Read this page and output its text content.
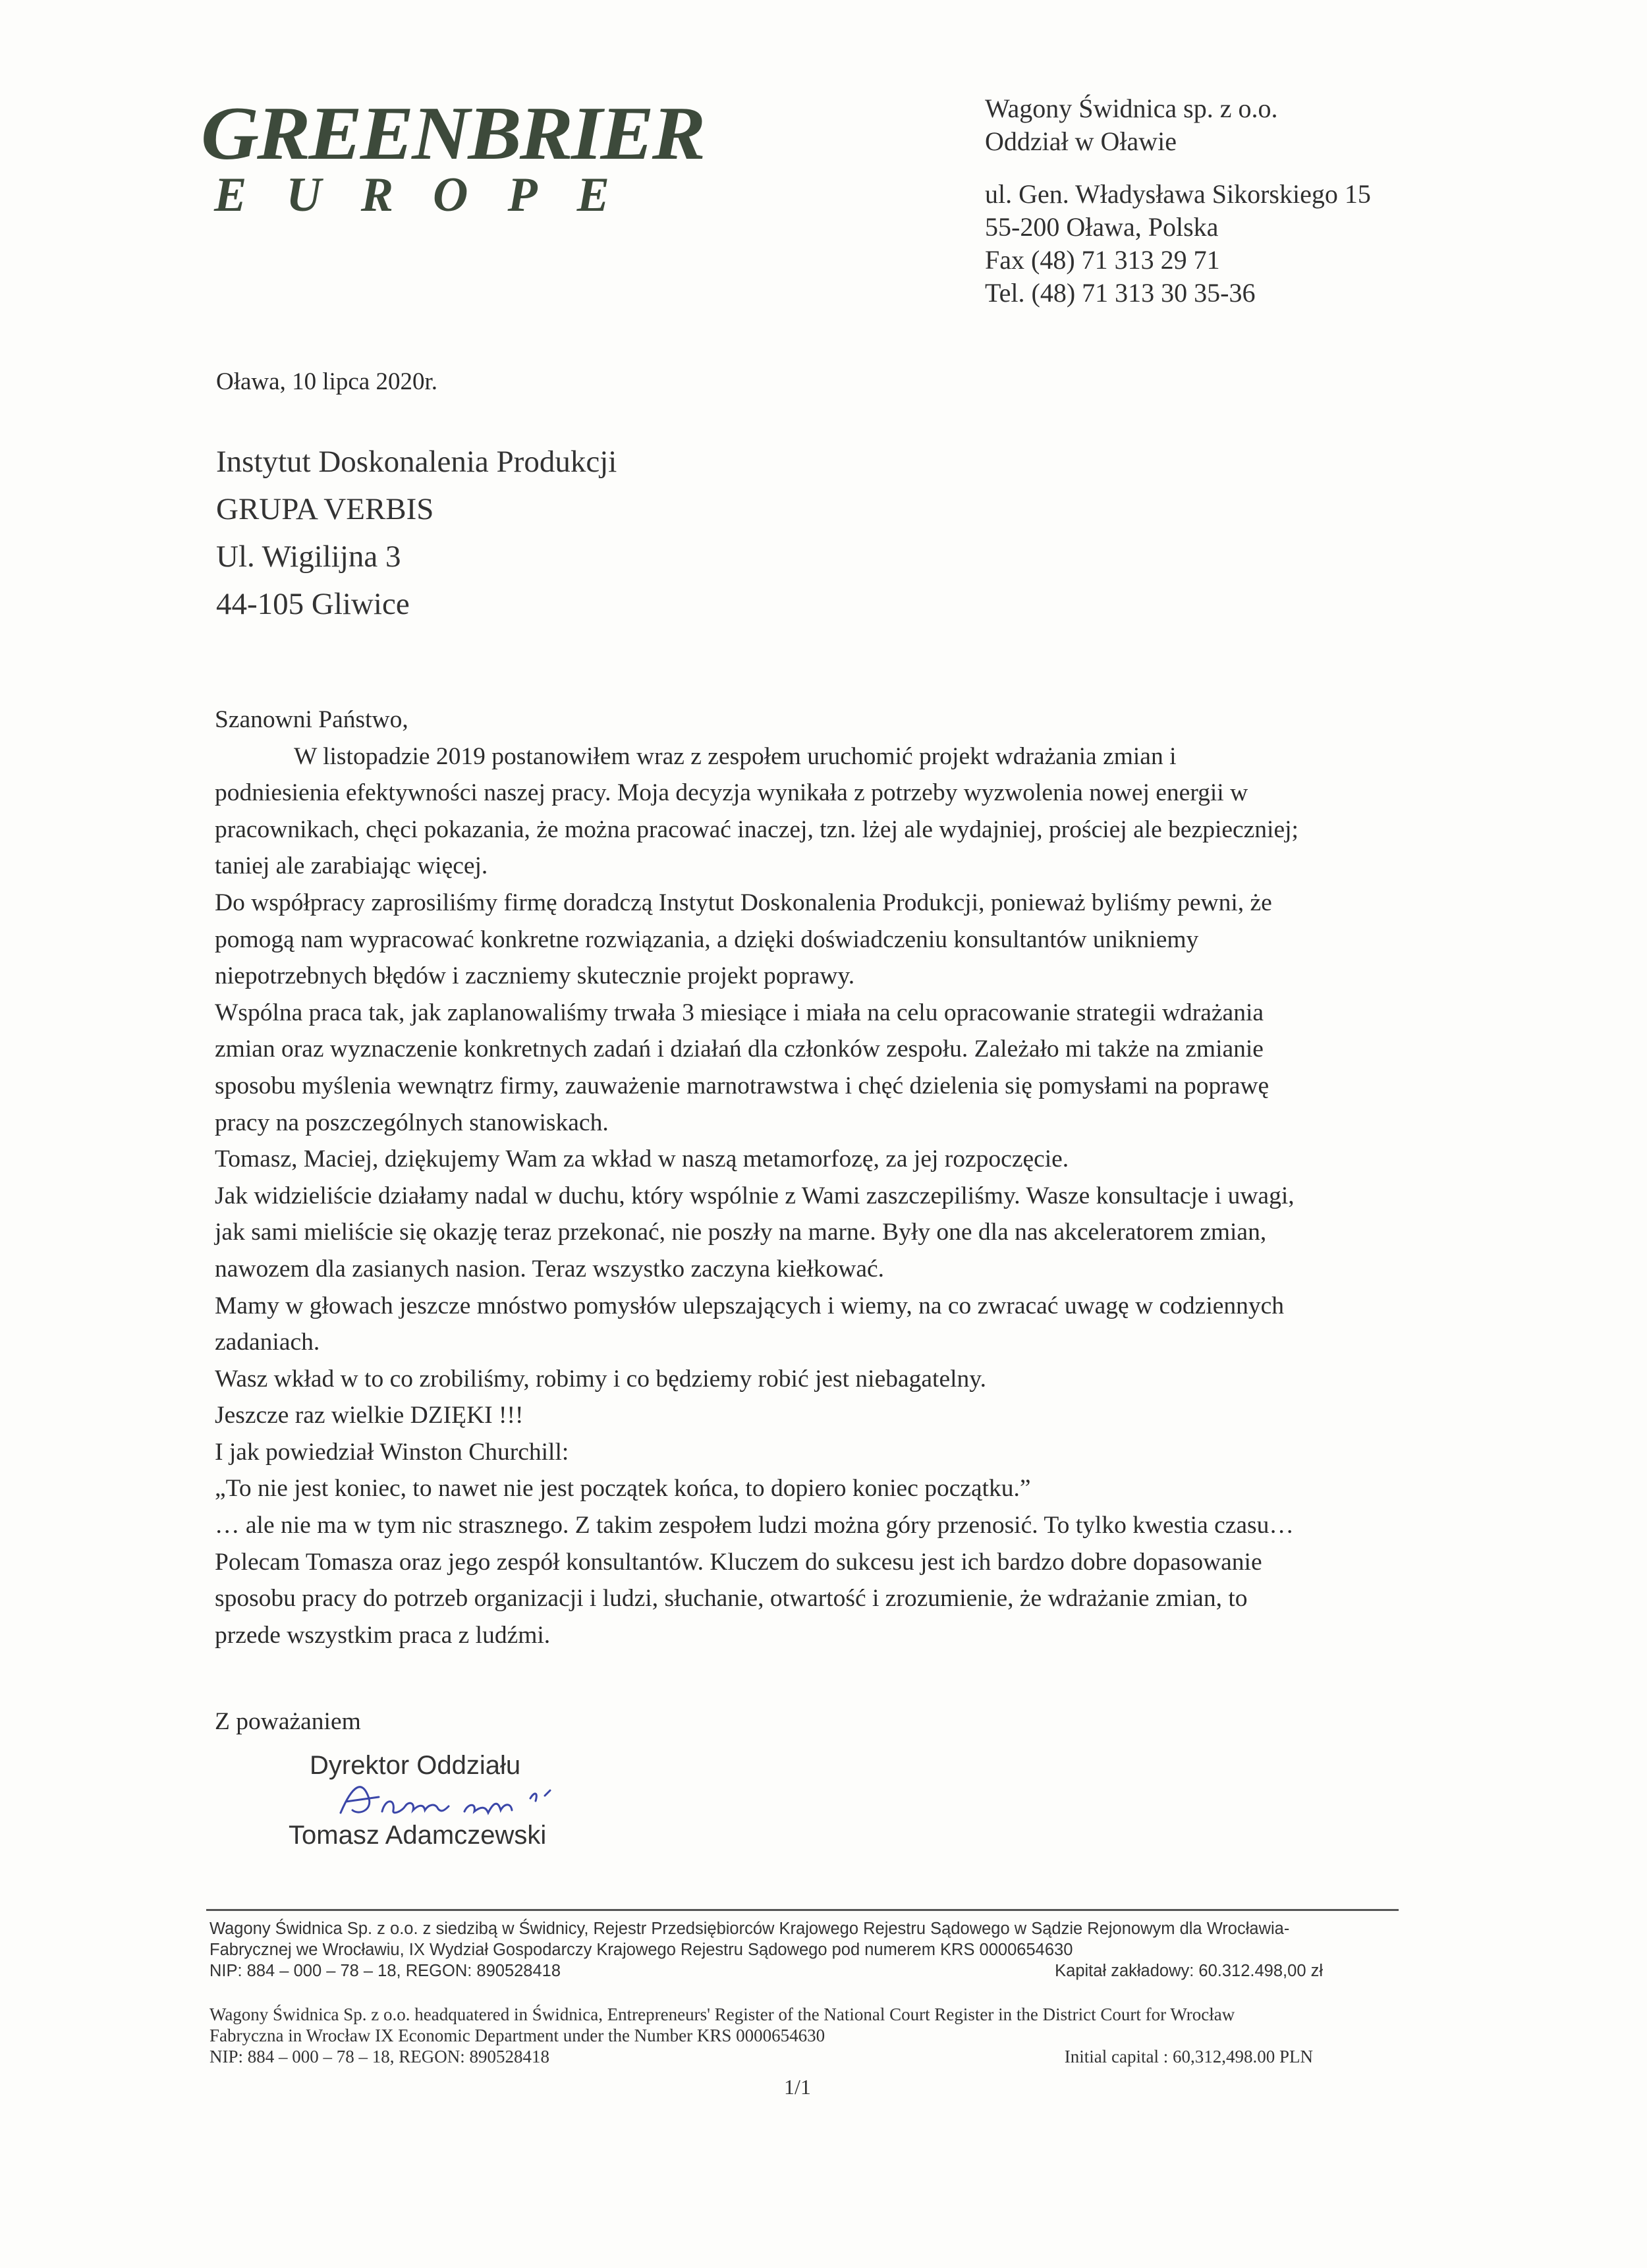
GREENBRIER
E U R O P E
Wagony Świdnica sp. z o.o.
Oddział w Oławie
ul. Gen. Władysława Sikorskiego 15
55-200 Oława, Polska
Fax (48) 71 313 29 71
Tel. (48) 71 313 30 35-36
Oława, 10 lipca 2020r.
Instytut Doskonalenia Produkcji
GRUPA VERBIS
Ul. Wigilijna 3
44-105 Gliwice

Szanowni Państwo,

W listopadzie 2019 postanowiłem wraz z zespołem uruchomić projekt wdrażania zmian i

podniesienia efektywności naszej pracy. Moja decyzja wynikała z potrzeby wyzwolenia nowej energii w

pracownikach, chęci pokazania, że można pracować inaczej, tzn. lżej ale wydajniej, prościej ale bezpieczniej;

taniej ale zarabiając więcej.

Do współpracy zaprosiliśmy firmę doradczą Instytut Doskonalenia Produkcji, ponieważ byliśmy pewni, że

pomogą nam wypracować konkretne rozwiązania, a dzięki doświadczeniu konsultantów unikniemy

niepotrzebnych błędów i zaczniemy skutecznie projekt poprawy.

Wspólna praca tak, jak zaplanowaliśmy trwała 3 miesiące i miała na celu opracowanie strategii wdrażania

zmian oraz wyznaczenie konkretnych zadań i działań dla członków zespołu. Zależało mi także na zmianie

sposobu myślenia wewnątrz firmy, zauważenie marnotrawstwa i chęć dzielenia się pomysłami na poprawę

pracy na poszczególnych stanowiskach.

Tomasz, Maciej, dziękujemy Wam za wkład w naszą metamorfozę, za jej rozpoczęcie.

Jak widzieliście działamy nadal w duchu, który wspólnie z Wami zaszczepiliśmy. Wasze konsultacje i uwagi,

jak sami mieliście się okazję teraz przekonać, nie poszły na marne. Były one dla nas akceleratorem zmian,

nawozem dla zasianych nasion. Teraz wszystko zaczyna kiełkować.

Mamy w głowach jeszcze mnóstwo pomysłów ulepszających i wiemy, na co zwracać uwagę w codziennych

zadaniach.

Wasz wkład w to co zrobiliśmy, robimy i co będziemy robić jest niebagatelny.

Jeszcze raz wielkie DZIĘKI !!!

I jak powiedział Winston Churchill:

„To nie jest koniec, to nawet nie jest początek końca, to dopiero koniec początku.”

… ale nie ma w tym nic strasznego. Z takim zespołem ludzi można góry przenosić. To tylko kwestia czasu…

Polecam Tomasza oraz jego zespół konsultantów. Kluczem do sukcesu jest ich bardzo dobre dopasowanie

sposobu pracy do potrzeb organizacji i ludzi, słuchanie, otwartość i zrozumienie, że wdrażanie zmian, to

przede wszystkim praca z ludźmi.

Z poważaniem
Dyrektor Oddziału
Tomasz Adamczewski
Wagony Świdnica Sp. z o.o. z siedzibą w Świdnicy, Rejestr Przedsiębiorców Krajowego Rejestru Sądowego w Sądzie Rejonowym dla Wrocławia-
Fabrycznej we Wrocławiu, IX Wydział Gospodarczy Krajowego Rejestru Sądowego pod numerem KRS 0000654630
NIP: 884 – 000 – 78 – 18, REGON: 890528418	Kapitał zakładowy: 60.312.498,00 zł
Wagony Świdnica Sp. z o.o. headquatered in Świdnica, Entrepreneurs' Register of the National Court Register in the District Court for Wrocław
Fabryczna in Wrocław IX Economic Department under the Number KRS 0000654630
NIP: 884 – 000 – 78 – 18, REGON: 890528418	Initial capital : 60,312,498.00 PLN
1/1
